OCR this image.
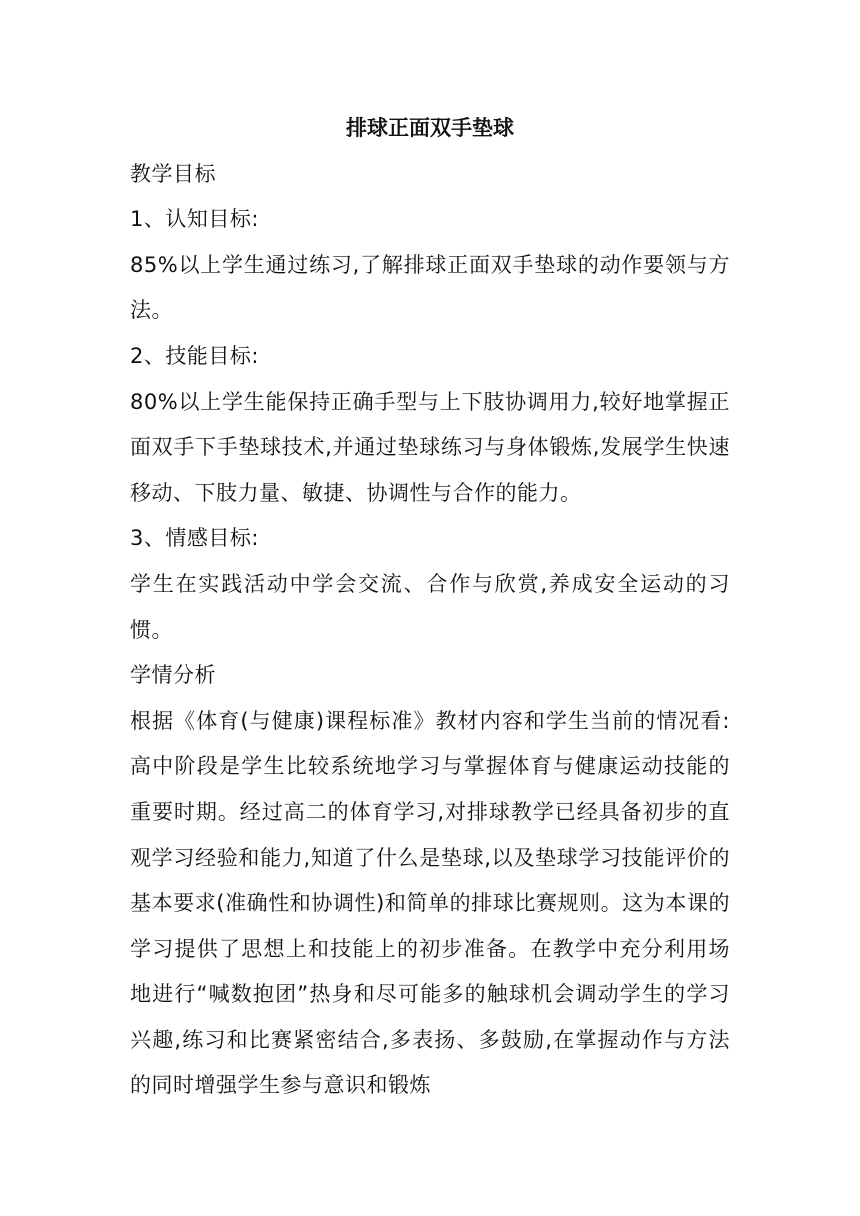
排球正面双手垫球

教学目标

1、认知目标:

85%以上学生通过练习,了解排球正面双手垫球的动作要领与方法。

2、技能目标:

80%以上学生能保持正确手型与上下肢协调用力,较好地掌握正面双手下手垫球技术,并通过垫球练习与身体锻炼,发展学生快速移动、下肢力量、敏捷、协调性与合作的能力。

3、情感目标:

学生在实践活动中学会交流、合作与欣赏,养成安全运动的习惯。

学情分析

根据《体育(与健康)课程标准》教材内容和学生当前的情况看:高中阶段是学生比较系统地学习与掌握体育与健康运动技能的重要时期。经过高二的体育学习,对排球教学已经具备初步的直观学习经验和能力,知道了什么是垫球,以及垫球学习技能评价的基本要求(准确性和协调性)和简单的排球比赛规则。这为本课的学习提供了思想上和技能上的初步准备。在教学中充分利用场地进行“喊数抱团”热身和尽可能多的触球机会调动学生的学习兴趣,练习和比赛紧密结合,多表扬、多鼓励,在掌握动作与方法的同时增强学生参与意识和锻炼
